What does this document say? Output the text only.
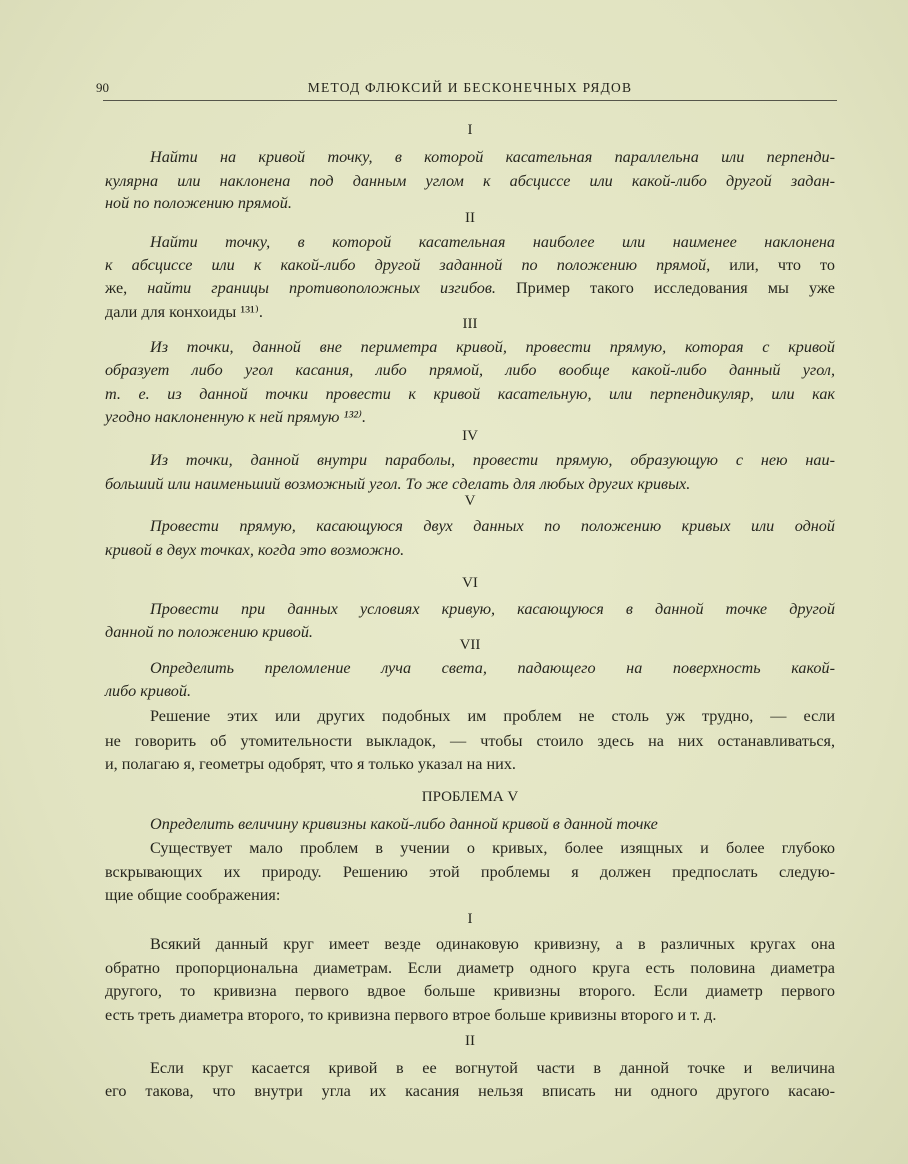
90	МЕТОД ФЛЮКСИЙ И БЕСКОНЕЧНЫХ РЯДОВ
I
Найти на кривой точку, в которой касательная параллельна или перпенди-
кулярна или наклонена под данным углом к абсциссе или какой-либо другой задан-
ной по положению прямой.
II
Найти точку, в которой касательная наиболее или наименее наклонена
к абсциссе или к какой-либо другой заданной по положению прямой, или, что то
же, найти границы противоположных изгибов. Пример такого исследования мы уже
дали для конхоиды ¹³¹⁾.
III
Из точки, данной вне периметра кривой, провести прямую, которая с кривой
образует либо угол касания, либо прямой, либо вообще какой-либо данный угол,
т. е. из данной точки провести к кривой касательную, или перпендикуляр, или как
угодно наклоненную к ней прямую ¹³²⁾.
IV
Из точки, данной внутри параболы, провести прямую, образующую с нею наи-
больший или наименьший возможный угол. То же сделать для любых других кривых.
V
Провести прямую, касающуюся двух данных по положению кривых или одной
кривой в двух точках, когда это возможно.
VI
Провести при данных условиях кривую, касающуюся в данной точке другой
данной по положению кривой.
VII
Определить преломление луча света, падающего на поверхность какой-
либо кривой.
Решение этих или других подобных им проблем не столь уж трудно, — если
не говорить об утомительности выкладок, — чтобы стоило здесь на них останавливаться,
и, полагаю я, геометры одобрят, что я только указал на них.
ПРОБЛЕМА V
Определить величину кривизны какой-либо данной кривой в данной точке
Существует мало проблем в учении о кривых, более изящных и более глубоко
вскрывающих их природу. Решению этой проблемы я должен предпослать следую-
щие общие соображения:
I
Всякий данный круг имеет везде одинаковую кривизну, а в различных кругах она
обратно пропорциональна диаметрам. Если диаметр одного круга есть половина диаметра
другого, то кривизна первого вдвое больше кривизны второго. Если диаметр первого
есть треть диаметра второго, то кривизна первого втрое больше кривизны второго и т. д.
II
Если круг касается кривой в ее вогнутой части в данной точке и величина
его такова, что внутри угла их касания нельзя вписать ни одного другого касаю-
